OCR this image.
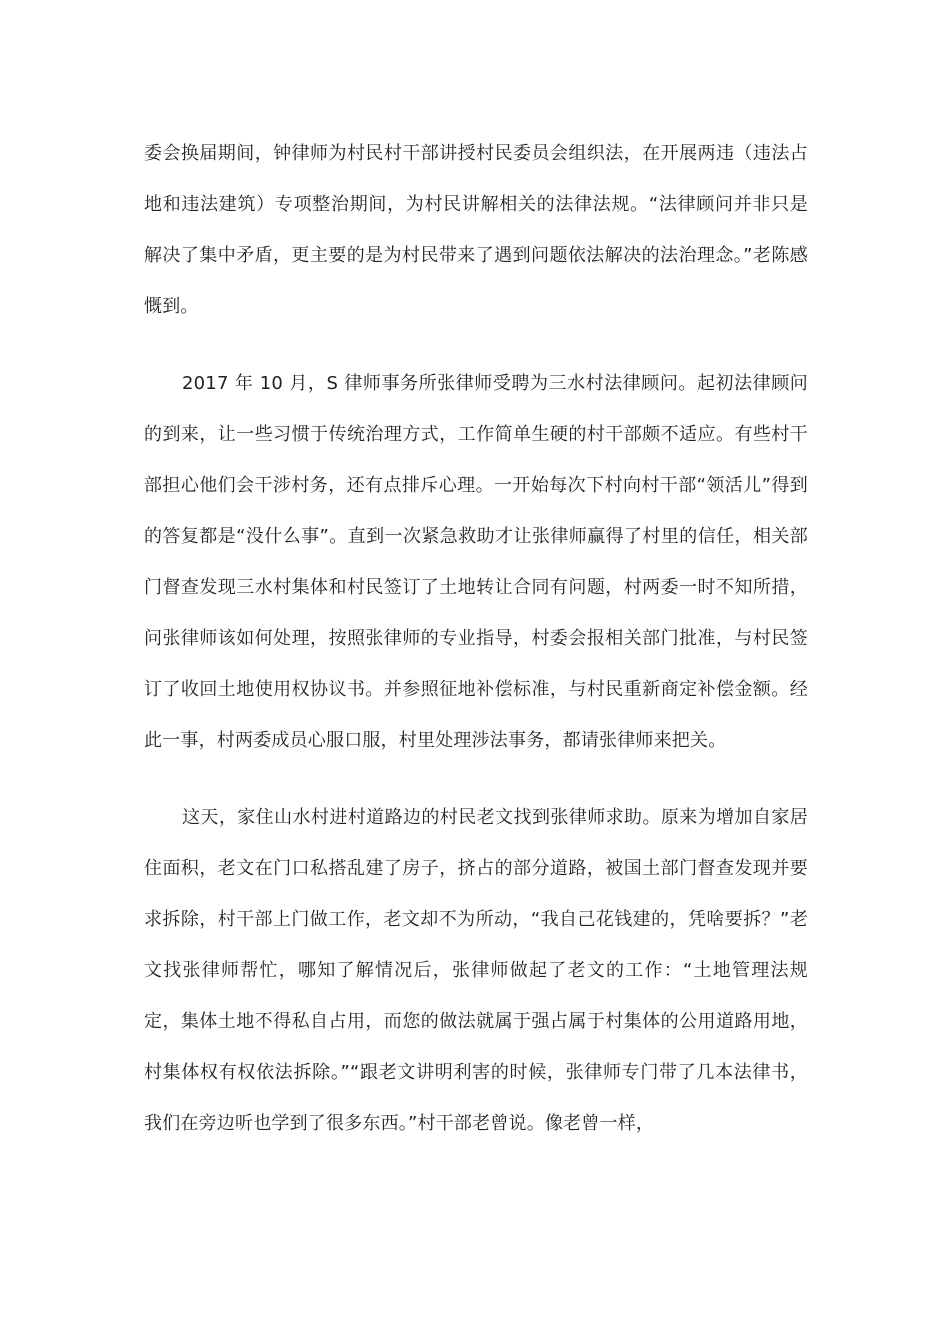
委会换届期间，钟律师为村民村干部讲授村民委员会组织法，在开展两违（违法占地和违法建筑）专项整治期间，为村民讲解相关的法律法规。“法律顾问并非只是解决了集中矛盾，更主要的是为村民带来了遇到问题依法解决的法治理念。”老陈感慨到。

2017 年 10 月，S 律师事务所张律师受聘为三水村法律顾问。起初法律顾问的到来，让一些习惯于传统治理方式，工作简单生硬的村干部颇不适应。有些村干部担心他们会干涉村务，还有点排斥心理。一开始每次下村向村干部“领活儿”得到的答复都是“没什么事”。直到一次紧急救助才让张律师赢得了村里的信任，相关部门督查发现三水村集体和村民签订了土地转让合同有问题，村两委一时不知所措，问张律师该如何处理，按照张律师的专业指导，村委会报相关部门批准，与村民签订了收回土地使用权协议书。并参照征地补偿标准，与村民重新商定补偿金额。经此一事，村两委成员心服口服，村里处理涉法事务，都请张律师来把关。

这天，家住山水村进村道路边的村民老文找到张律师求助。原来为增加自家居住面积，老文在门口私搭乱建了房子，挤占的部分道路，被国土部门督查发现并要求拆除，村干部上门做工作，老文却不为所动，“我自己花钱建的，凭啥要拆？”老文找张律师帮忙，哪知了解情况后，张律师做起了老文的工作：“土地管理法规定，集体土地不得私自占用，而您的做法就属于强占属于村集体的公用道路用地，村集体权有权依法拆除。”“跟老文讲明利害的时候，张律师专门带了几本法律书，我们在旁边听也学到了很多东西。”村干部老曾说。像老曾一样，
